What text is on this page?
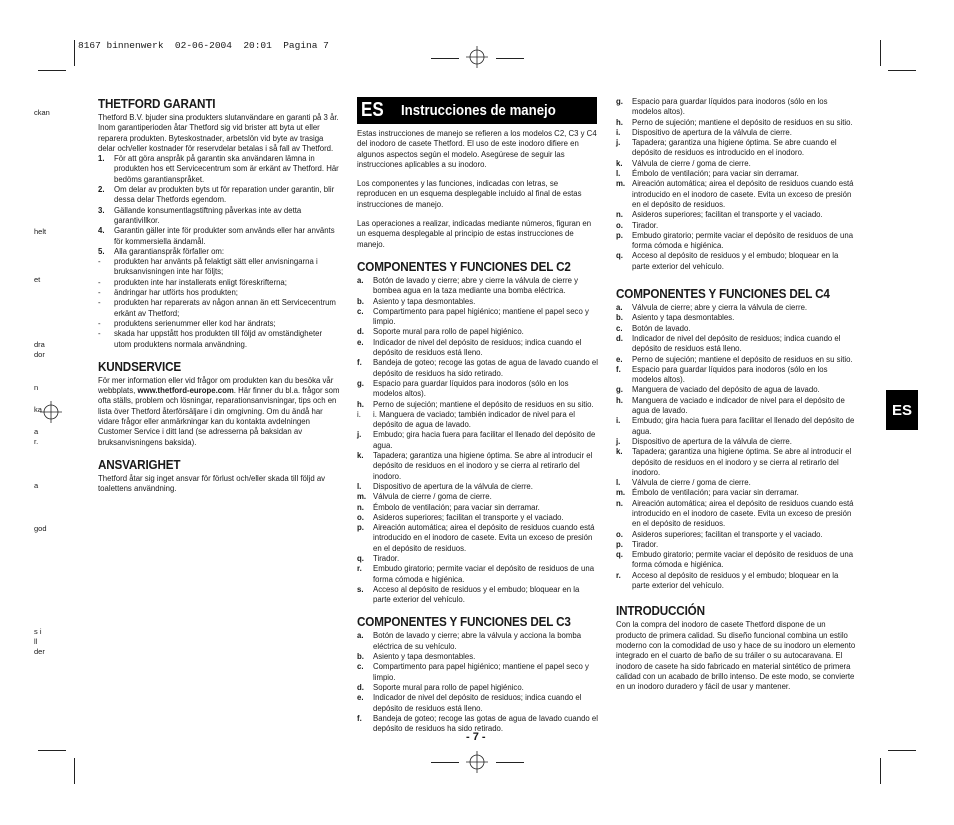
8167 binnenwerk  02-06-2004  20:01  Pagina 7
ckan
helt
et
dra
dor
n
ka
a
r.
a
god
s i
ll
der
THETFORD GARANTI
Thetford B.V. bjuder sina produkters slutanvändare en garanti på 3 år. Inom garantiperioden åtar Thetford sig vid brister att byta ut eller reparera produkten. Byteskostnader, arbetslön vid byte av trasiga delar och/eller kostnader för reservdelar betalas i så fall av Thetford.
1.	För att göra anspråk på garantin ska användaren lämna in produkten hos ett Servicecentrum som är erkänt av Thetford. Här bedöms garantianspråket.
2.	Om delar av produkten byts ut för reparation under garantin, blir dessa delar Thetfords egendom.
3.	Gällande konsumentlagstiftning påverkas inte av detta garantivillkor.
4.	Garantin gäller inte för produkter som används eller har använts för kommersiella ändamål.
5.	Alla garantianspråk förfaller om:
-	produkten har använts på felaktigt sätt eller anvisningarna i bruksanvisningen inte har följts;
-	produkten inte har installerats enligt föreskrifterna;
-	ändringar har utförts hos produkten;
-	produkten har reparerats av någon annan än ett Servicecentrum erkänt av Thetford;
-	produktens serienummer eller kod har ändrats;
-	skada har uppstått hos produkten till följd av omständigheter utom produktens normala användning.
KUNDSERVICE
För mer information eller vid frågor om produkten kan du besöka vår webbplats, www.thetford-europe.com. Här finner du bl.a. frågor som ofta ställs, problem och lösningar, reparationsanvisningar, tips och en lista över Thetford återförsäljare i din omgivning. Om du ändå har vidare frågor eller anmärkningar kan du kontakta avdelningen Customer Service i ditt land (se adresserna på baksidan av bruksanvisningens baksida).
ANSVARIGHET
Thetford åtar sig inget ansvar för förlust och/eller skada till följd av toalettens användning.
ES	Instrucciones de manejo
Estas instrucciones de manejo se refieren a los modelos C2, C3 y C4 del inodoro de casete Thetford. El uso de este inodoro difiere en algunos aspectos según el modelo. Asegúrese de seguir las instrucciones aplicables a su inodoro.
Los componentes y las funciones, indicadas con letras, se reproducen en un esquema desplegable incluido al final de estas instrucciones de manejo.
Las operaciones a realizar, indicadas mediante números, figuran en un esquema desplegable al principio de estas instrucciones de manejo.
COMPONENTES Y FUNCIONES DEL C2
a.	Botón de lavado y cierre; abre y cierre la válvula de cierre y bombea agua en la taza mediante una bomba eléctrica.
b.	Asiento y tapa desmontables.
c.	Compartimento para papel higiénico; mantiene el papel seco y limpio.
d.	Soporte mural para rollo de papel higiénico.
e.	Indicador de nivel del depósito de residuos; indica cuando el depósito de residuos está lleno.
f.	Bandeja de goteo; recoge las gotas de agua de lavado cuando el depósito de residuos ha sido retirado.
g.	Espacio para guardar líquidos para inodoros (sólo en los modelos altos).
h.	Perno de sujeción; mantiene el depósito de residuos en su sitio.
i.	i. Manguera de vaciado; también indicador de nivel para el depósito de agua de lavado.
j.	Embudo; gira hacia fuera para facilitar el llenado del depósito de agua.
k.	Tapadera; garantiza una higiene óptima. Se abre al introducir el depósito de residuos en el inodoro y se cierra al retirarlo del inodoro.
l.	Dispositivo de apertura de la válvula de cierre.
m. Válvula de cierre / goma de cierre.
n.	Émbolo de ventilación; para vaciar sin derramar.
o.	Asideros superiores; facilitan el transporte y el vaciado.
p.	Aireación automática; airea el depósito de residuos cuando está introducido en el inodoro de casete. Evita un exceso de presión en el depósito de residuos.
q.	Tirador.
r.	Embudo giratorio; permite vaciar el depósito de residuos de una forma cómoda e higiénica.
s.	Acceso al depósito de residuos y el embudo; bloquear en la parte exterior del vehículo.
COMPONENTES Y FUNCIONES DEL C3
a.	Botón de lavado y cierre; abre la válvula y acciona la bomba eléctrica de su vehículo.
b.	Asiento y tapa desmontables.
c.	Compartimento para papel higiénico; mantiene el papel seco y limpio.
d.	Soporte mural para rollo de papel higiénico.
e.	Indicador de nivel del depósito de residuos; indica cuando el depósito de residuos está lleno.
f.	Bandeja de goteo; recoge las gotas de agua de lavado cuando el depósito de residuos ha sido retirado.
- 7 -
g.	Espacio para guardar líquidos para inodoros (sólo en los modelos altos).
h.	Perno de sujeción; mantiene el depósito de residuos en su sitio.
i.	Dispositivo de apertura de la válvula de cierre.
j.	Tapadera; garantiza una higiene óptima. Se abre cuando el depósito de residuos es introducido en el inodoro.
k.	Válvula de cierre / goma de cierre.
l.	Émbolo de ventilación; para vaciar sin derramar.
m. Aireación automática; airea el depósito de residuos cuando está introducido en el inodoro de casete. Evita un exceso de presión en el depósito de residuos.
n.	Asideros superiores; facilitan el transporte y el vaciado.
o.	Tirador.
p.	Embudo giratorio; permite vaciar el depósito de residuos de una forma cómoda e higiénica.
q.	Acceso al depósito de residuos y el embudo; bloquear en la parte exterior del vehículo.
COMPONENTES Y FUNCIONES DEL C4
a.	Válvula de cierre; abre y cierra la válvula de cierre.
b.	Asiento y tapa desmontables.
c.	Botón de lavado.
d.	Indicador de nivel del depósito de residuos; indica cuando el depósito de residuos está lleno.
e.	Perno de sujeción; mantiene el depósito de residuos en su sitio.
f.	Espacio para guardar líquidos para inodoros (sólo en los modelos altos).
g.	Manguera de vaciado del depósito de agua de lavado.
h.	Manguera de vaciado e indicador de nivel para el depósito de agua de lavado.
i.	Embudo; gira hacia fuera para facilitar el llenado del depósito de agua.
j.	Dispositivo de apertura de la válvula de cierre.
k.	Tapadera; garantiza una higiene óptima. Se abre al introducir el depósito de residuos en el inodoro y se cierra al retirarlo del inodoro.
l.	Válvula de cierre / goma de cierre.
m. Émbolo de ventilación; para vaciar sin derramar.
n.	Aireación automática; airea el depósito de residuos cuando está introducido en el inodoro de casete. Evita un exceso de presión en el depósito de residuos.
o.	Asideros superiores; facilitan el transporte y el vaciado.
p.	Tirador.
q.	Embudo giratorio; permite vaciar el depósito de residuos de una forma cómoda e higiénica.
r.	Acceso al depósito de residuos y el embudo; bloquear en la parte exterior del vehículo.
INTRODUCCIÓN
Con la compra del inodoro de casete Thetford dispone de un producto de primera calidad. Su diseño funcional combina un estilo moderno con la comodidad de uso y hace de su inodoro un elemento integrado en el cuarto de baño de su tráiler o su autocaravana. El inodoro de casete ha sido fabricado en material sintético de primera calidad con un acabado de brillo intenso. De este modo, se convierte en un inodoro duradero y fácil de usar y mantener.
ES
